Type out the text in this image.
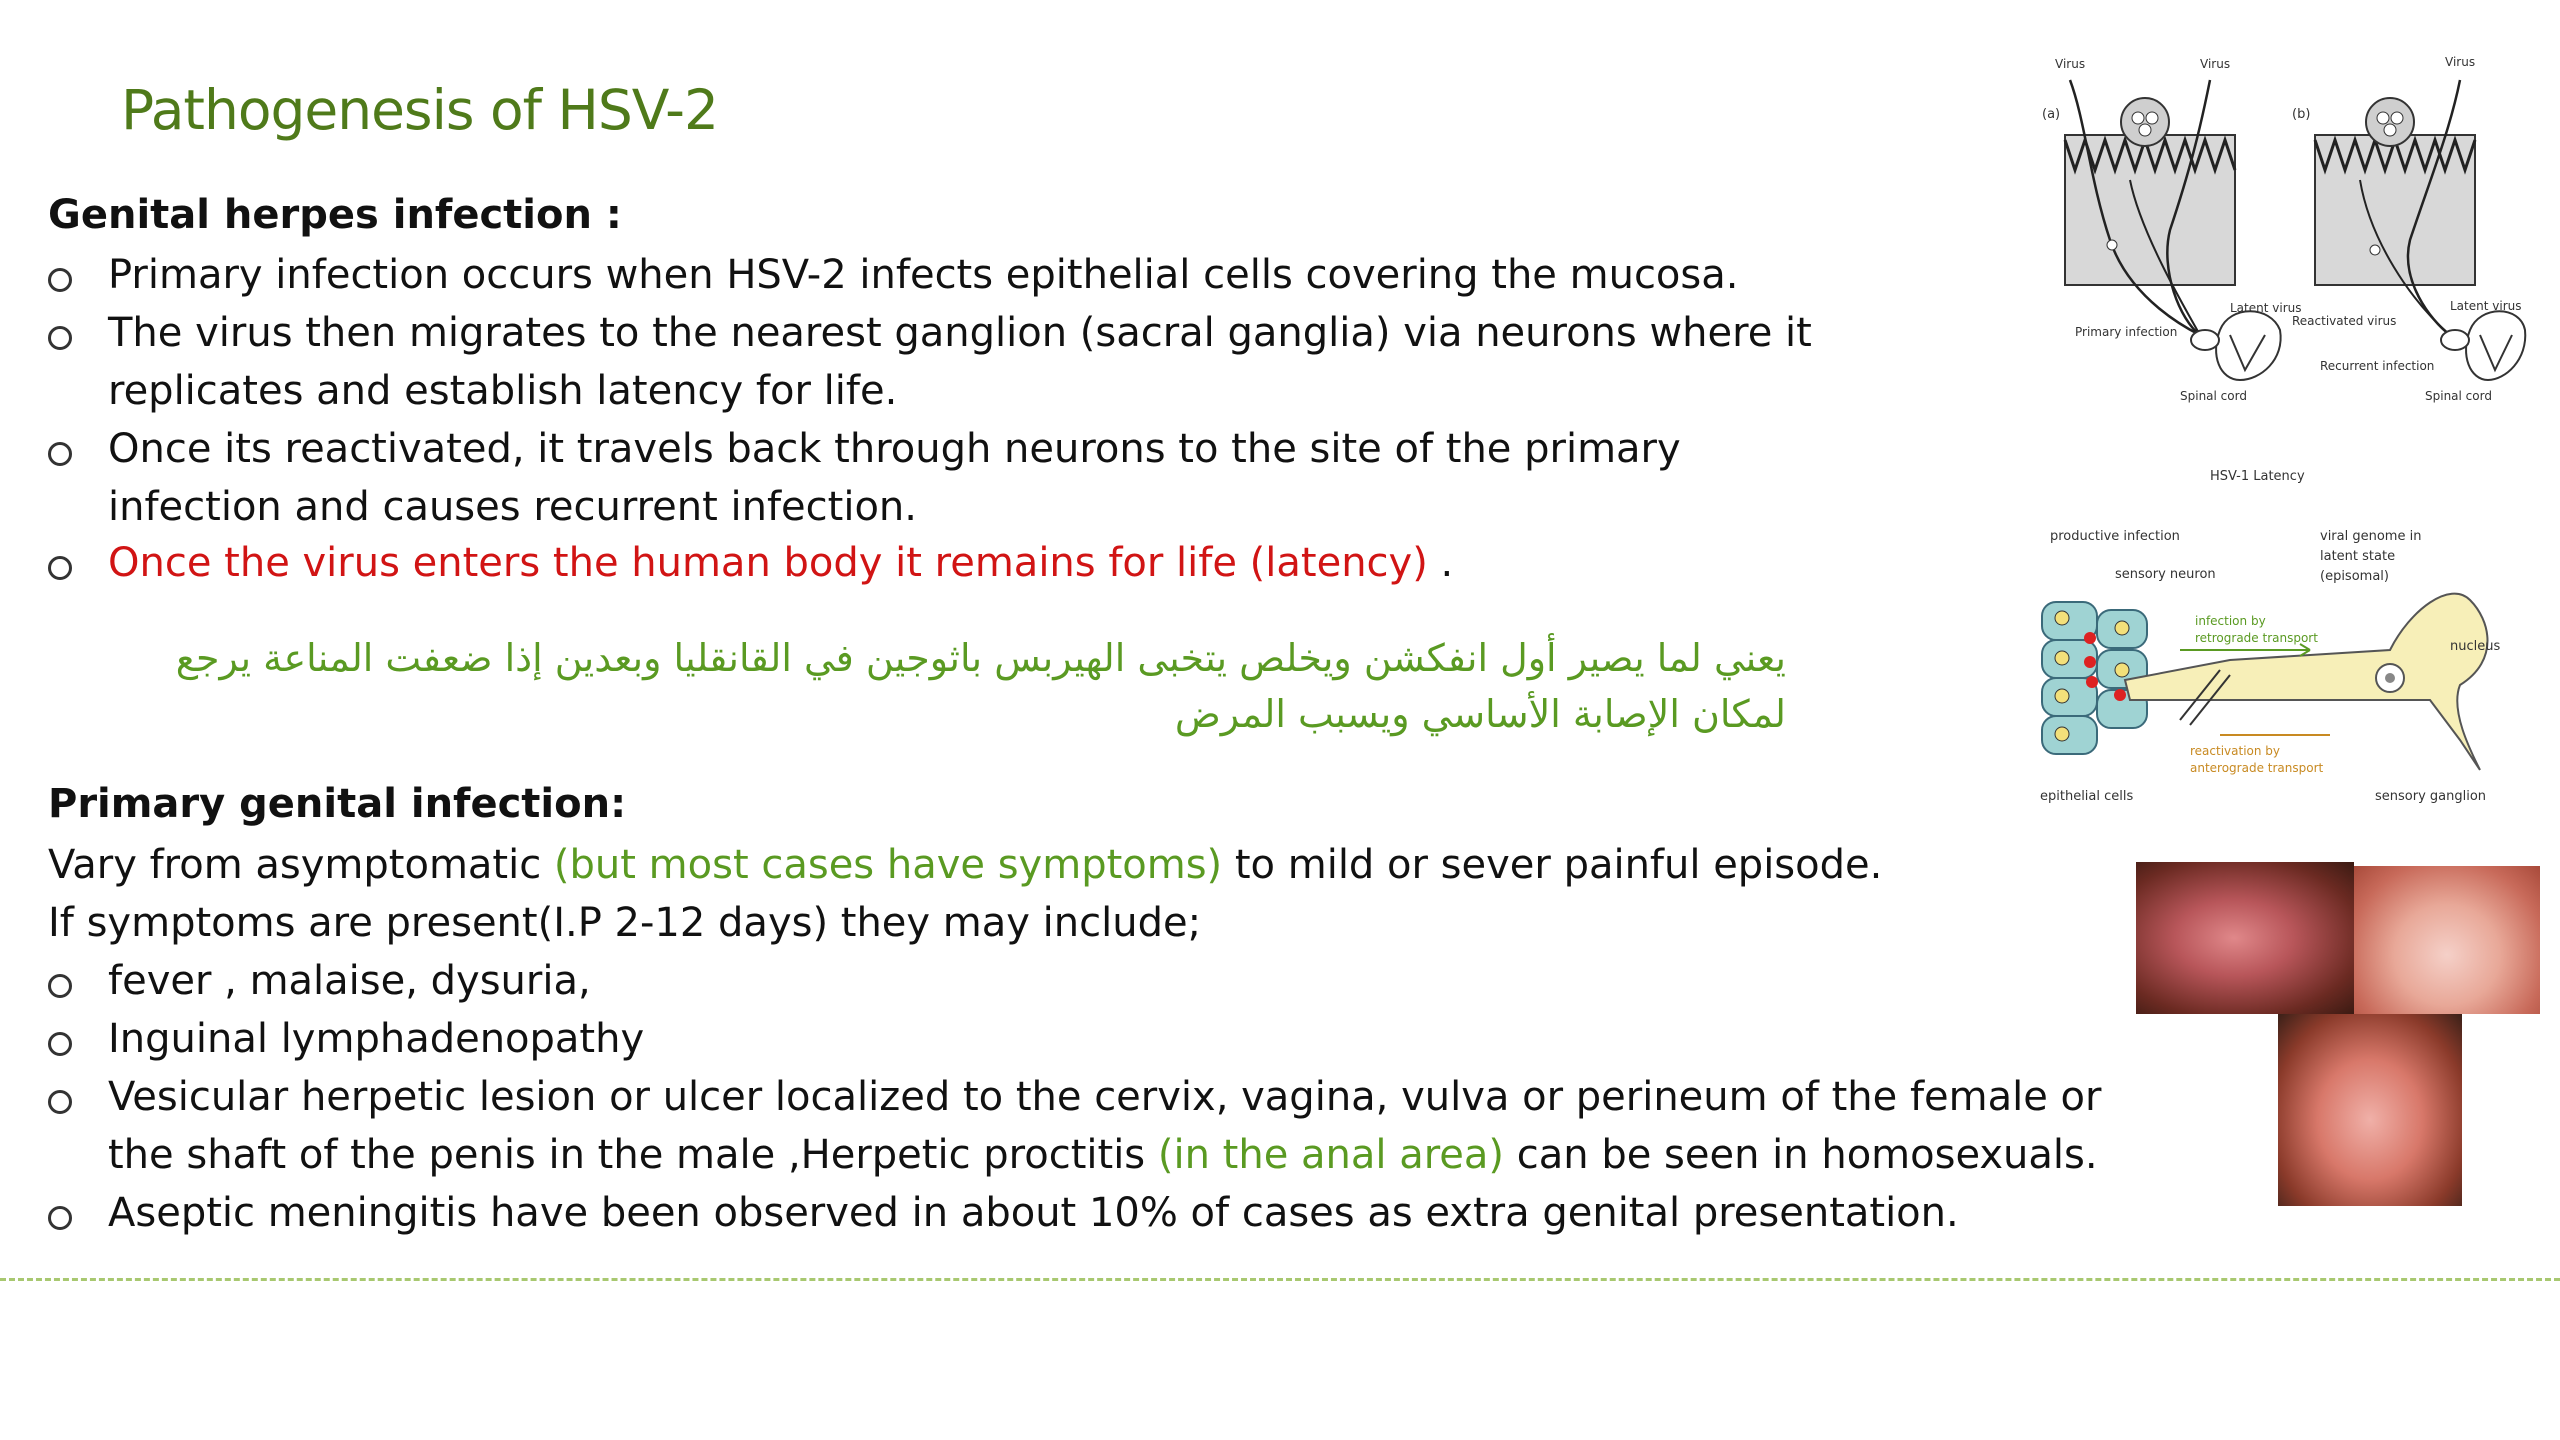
Pathogenesis of HSV-2
Genital herpes infection :
Primary infection occurs when HSV-2 infects epithelial cells covering the mucosa.
The virus then migrates to the nearest ganglion (sacral ganglia) via neurons where it
replicates and establish latency for life.
Once its reactivated, it travels back through neurons to the site of the primary
infection and causes recurrent infection.
Once the virus enters the human body it remains for life (latency) .
يعني لما يصير أول انفكشن ويخلص يتخبى الهيربس باثوجين في القانقليا وبعدين إذا ضعفت المناعة يرجع لمكان الإصابة الأساسي ويسبب المرض
Primary genital infection:
Vary from asymptomatic (but most cases have symptoms) to mild or sever painful episode.
If symptoms are present(I.P 2-12 days) they may include;
fever , malaise, dysuria,
Inguinal lymphadenopathy
Vesicular herpetic lesion or ulcer localized to the cervix, vagina, vulva or perineum of the female or
the shaft of the penis in the male ,Herpetic proctitis (in the anal area) can be seen in homosexuals.
Aseptic meningitis have been observed in about 10% of cases as extra genital presentation.
(a)
Virus	Virus
Latent virus
Primary infection
Spinal cord
(b)
Virus
Latent virus
Reactivated virus
Recurrent infection
Spinal cord
HSV-1 Latency
productive infection
sensory neuron
viral genome in
latent state
(episomal)
infection by
retrograde transport
nucleus
reactivation by
anterograde transport
epithelial cells	sensory ganglion
